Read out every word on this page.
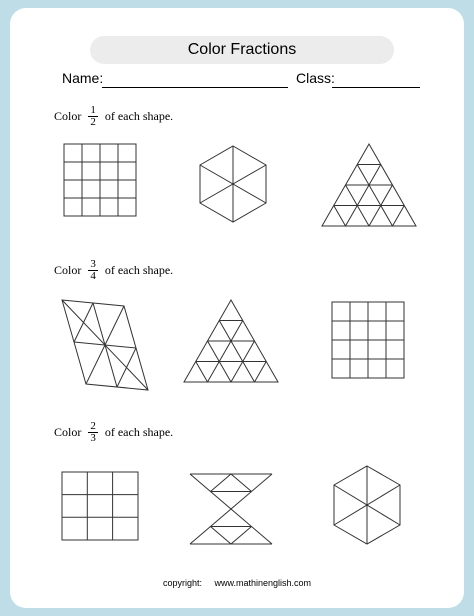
Color Fractions
Name:	Class:
Color $\frac{1}{2}$ of each shape.
Color $\frac{3}{4}$ of each shape.
Color $\frac{2}{3}$ of each shape.
copyright: www.mathinenglish.com
